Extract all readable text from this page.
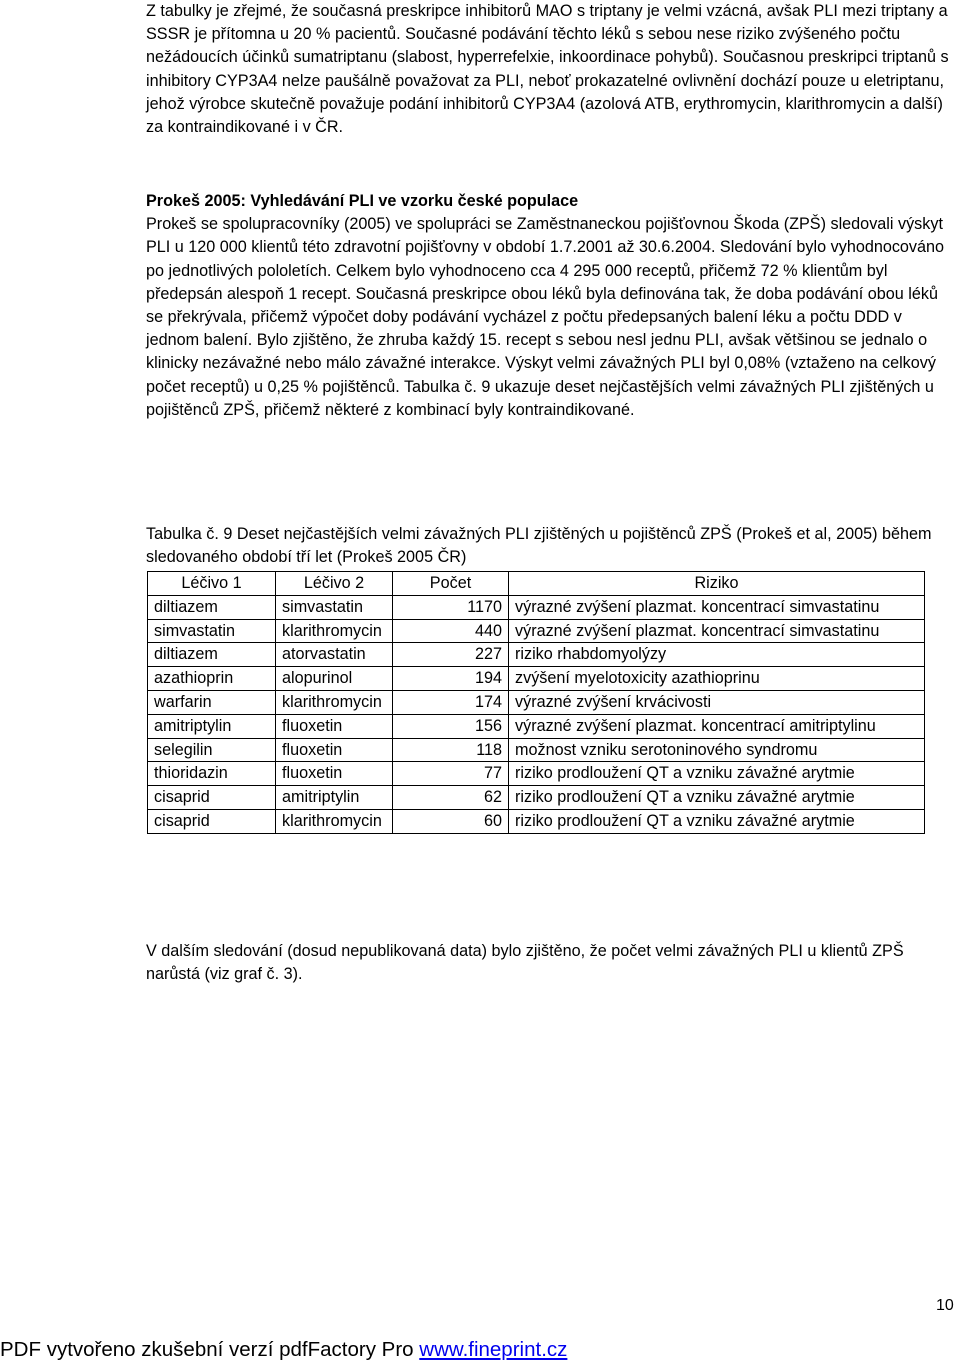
Z tabulky je zřejmé, že současná preskripce inhibitorů MAO s triptany je velmi vzácná, avšak PLI mezi triptany a SSSR je přítomna u 20 % pacientů. Současné podávání těchto léků s sebou nese riziko zvýšeného počtu nežádoucích účinků sumatriptanu (slabost, hyperrefelxie, inkoordinace pohybů). Současnou preskripci triptanů s inhibitory CYP3A4 nelze paušálně považovat za PLI, neboť prokazatelné ovlivnění dochází pouze u eletriptanu, jehož výrobce skutečně považuje podání inhibitorů CYP3A4 (azolová ATB, erythromycin, klarithromycin a další) za kontraindikované i v ČR.

Prokeš 2005: Vyhledávání PLI ve vzorku české populace

Prokeš se spolupracovníky (2005) ve spolupráci se Zaměstnaneckou pojišťovnou Škoda (ZPŠ) sledovali výskyt PLI u 120 000 klientů této zdravotní pojišťovny v období 1.7.2001 až 30.6.2004. Sledování bylo vyhodnocováno po jednotlivých pololetích. Celkem bylo vyhodnoceno cca 4 295 000 receptů, přičemž 72 % klientům byl předepsán alespoň 1 recept. Současná preskripce obou léků byla definována tak, že doba podávání obou léků se překrývala, přičemž výpočet doby podávání vycházel z počtu předepsaných balení léku a počtu DDD v jednom balení. Bylo zjištěno, že zhruba každý 15. recept s sebou nesl jednu PLI, avšak většinou se jednalo o klinicky nezávažné nebo málo závažné interakce. Výskyt velmi závažných PLI byl 0,08% (vztaženo na celkový počet receptů) u 0,25 % pojištěnců. Tabulka č. 9 ukazuje deset nejčastějších velmi závažných PLI zjištěných u pojištěnců ZPŠ, přičemž některé z kombinací byly kontraindikované.

Tabulka č. 9 Deset nejčastějších velmi závažných PLI zjištěných u pojištěnců ZPŠ (Prokeš et al, 2005) během sledovaného období tří let (Prokeš 2005 ČR)

Léčivo 1	Léčivo 2	Počet	Riziko
diltiazem	simvastatin	1170	výrazné zvýšení plazmat. koncentrací simvastatinu
simvastatin	klarithromycin	440	výrazné zvýšení plazmat. koncentrací simvastatinu
diltiazem	atorvastatin	227	riziko rhabdomyolýzy
azathioprin	alopurinol	194	zvýšení myelotoxicity azathioprinu
warfarin	klarithromycin	174	výrazné zvýšení krvácivosti
amitriptylin	fluoxetin	156	výrazné zvýšení plazmat. koncentrací amitriptylinu
selegilin	fluoxetin	118	možnost vzniku serotoninového syndromu
thioridazin	fluoxetin	77	riziko prodloužení QT a vzniku závažné arytmie
cisaprid	amitriptylin	62	riziko prodloužení QT a vzniku závažné arytmie
cisaprid	klarithromycin	60	riziko prodloužení QT a vzniku závažné arytmie

V dalším sledování (dosud nepublikovaná data) bylo zjištěno, že počet velmi závažných PLI u klientů ZPŠ narůstá (viz graf č. 3).

10
PDF vytvořeno zkušební verzí pdfFactory Pro www.fineprint.cz
